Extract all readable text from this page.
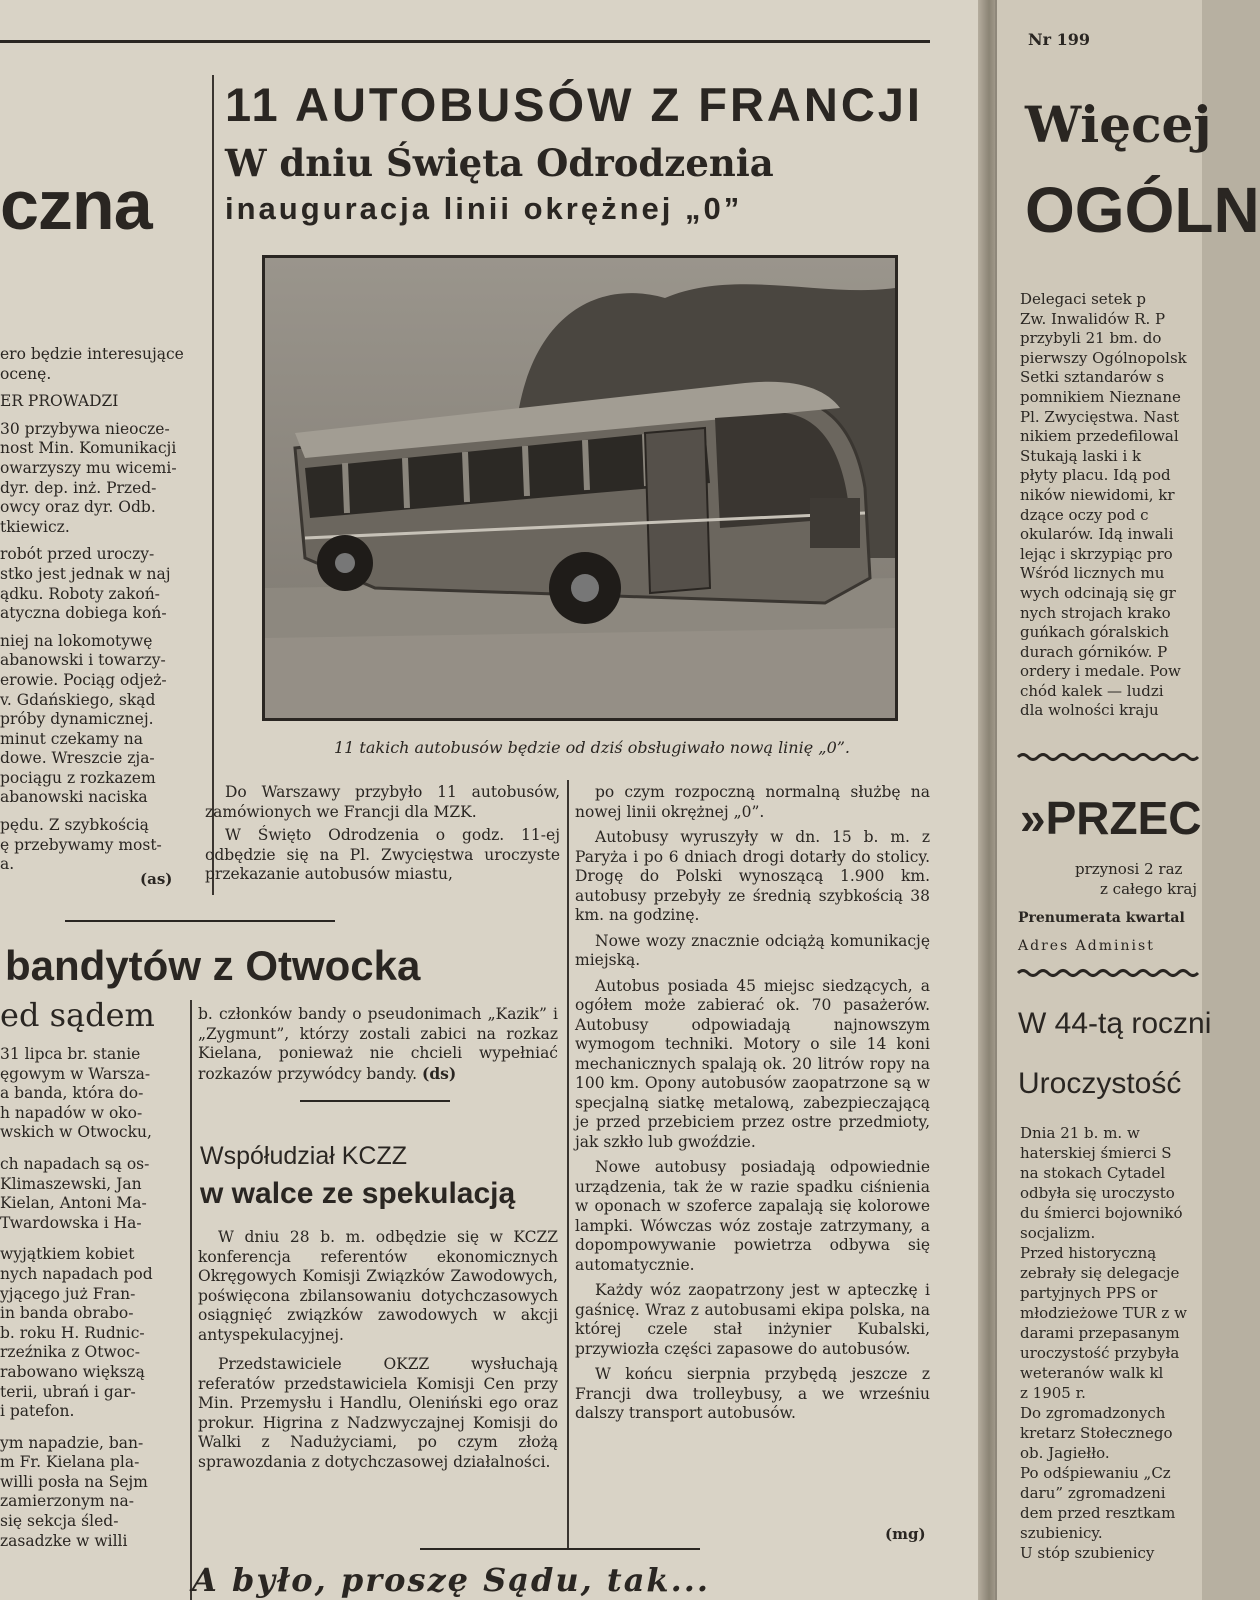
czna
ero będzie interesujące
ocenę.
ER PROWADZI
30 przybywa nieocze-
nost Min. Komunikacji
owarzyszy mu wicemi-
dyr. dep. inż. Przed-
owcy oraz dyr. Odb.
tkiewicz.
robót przed uroczy-
stko jest jednak w naj
ądku. Roboty zakoń-
atyczna dobiega koń-
niej na lokomotywę
abanowski i towarzy-
erowie. Pociąg odjeż-
v. Gdańskiego, skąd
próby dynamicznej.
minut czekamy na
dowe. Wreszcie zja-
pociągu z rozkazem
abanowski naciska
pędu. Z szybkością
ę przebywamy most-
a.
(as)
11 AUTOBUSÓW Z FRANCJI
W dniu Święta Odrodzenia
inauguracja linii okrężnej „0”
11 takich autobusów będzie od dziś obsługiwało nową linię „0”.

Do Warszawy przybyło 11 autobusów, zamówionych we Francji dla MZK.

W Święto Odrodzenia o godz. 11-ej odbędzie się na Pl. Zwycięstwa uroczyste przekazanie autobusów miastu,

po czym rozpoczną normalną służbę na nowej linii okrężnej „0”.

Autobusy wyruszyły w dn. 15 b. m. z Paryża i po 6 dniach drogi dotarły do stolicy. Drogę do Polski wynoszącą 1.900 km. autobusy przebyły ze średnią szybkością 38 km. na godzinę.

Nowe wozy znacznie odciążą komunikację miejską.

Autobus posiada 45 miejsc siedzących, a ogółem może zabierać ok. 70 pasażerów. Autobusy odpowiadają najnowszym wymogom techniki. Motory o sile 14 koni mechanicznych spalają ok. 20 litrów ropy na 100 km. Opony autobusów zaopatrzone są w specjalną siatkę metalową, zabezpieczającą je przed przebiciem przez ostre przedmioty, jak szkło lub gwoździe.

Nowe autobusy posiadają odpowiednie urządzenia, tak że w razie spadku ciśnienia w oponach w szoferce zapalają się kolorowe lampki. Wówczas wóz zostaje zatrzymany, a dopompowywanie powietrza odbywa się automatycznie.

Każdy wóz zaopatrzony jest w apteczkę i gaśnicę. Wraz z autobusami ekipa polska, na której czele stał inżynier Kubalski, przywiozła części zapasowe do autobusów.

W końcu sierpnia przybędą jeszcze z Francji dwa trolleybusy, a we wrześniu dalszy transport autobusów.

(mg)
bandytów z Otwocka
ed sądem
31 lipca br. stanie
ęgowym w Warsza-
a banda, która do-
h napadów w oko-
wskich w Otwocku,
ch napadach są os-
Klimaszewski, Jan
Kielan, Antoni Ma-
Twardowska i Ha-
wyjątkiem kobiet
nych napadach pod
yjącego już Fran-
in banda obrabo-
b. roku H. Rudnic-
rzeźnika z Otwoc-
rabowano większą
terii, ubrań i gar-
i patefon.
ym napadzie, ban-
m Fr. Kielana pla-
willi posła na Sejm
zamierzonym na-
się sekcja śled-
zasadzke w willi
b. członków bandy o pseudonimach „Kazik” i „Zygmunt”, którzy zostali zabici na rozkaz Kielana, ponieważ nie chcieli wypełniać rozkazów przywódcy bandy. (ds)
Współudział KCZZ
w walce ze spekulacją

W dniu 28 b. m. odbędzie się w KCZZ konferencja referentów ekonomicznych Okręgowych Komisji Związków Zawodowych, poświęcona zbilansowaniu dotychczasowych osiągnięć związków zawodowych w akcji antyspekulacyjnej.

Przedstawiciele OKZZ wysłuchają referatów przedstawiciela Komisji Cen przy Min. Przemysłu i Handlu, Oleniński ego oraz prokur. Higrina z Nadzwyczajnej Komisji do Walki z Nadużyciami, po czym złożą sprawozdania z dotychczasowej działalności.

A było, proszę Sądu, tak...
Nr 199
Więcej
OGÓLN
Delegaci setek p
Zw. Inwalidów R. P
przybyli 21 bm. do
pierwszy Ogólnopolsk
Setki sztandarów s
pomnikiem Nieznane
Pl. Zwycięstwa. Nast
nikiem przedefilowal
Stukają laski i k
płyty placu. Idą pod
ników niewidomi, kr
dzące oczy pod c
okularów. Idą inwali
lejąc i skrzypiąc pro
Wśród licznych mu
wych odcinają się gr
nych strojach krako
guńkach góralskich
durach górników. P
ordery i medale. Pow
chód kalek — ludzi
dla wolności kraju
»PRZEC
przynosi 2 raz
z całego kraj
Prenumerata kwartal
Adres Administ
W 44-tą roczni
Uroczystość
Dnia 21 b. m. w
haterskiej śmierci S
na stokach Cytadel
odbyła się uroczysto
du śmierci bojownikó
socjalizm.
Przed historyczną
zebrały się delegacje
partyjnych PPS or
młodzieżowe TUR z w
darami przepasanym
uroczystość przybyła
weteranów walk kl
z 1905 r.
Do zgromadzonych
kretarz Stołecznego
ob. Jagiełło.
Po odśpiewaniu „Cz
daru” zgromadzeni
dem przed resztkam
szubienicy.
U stóp szubienicy
